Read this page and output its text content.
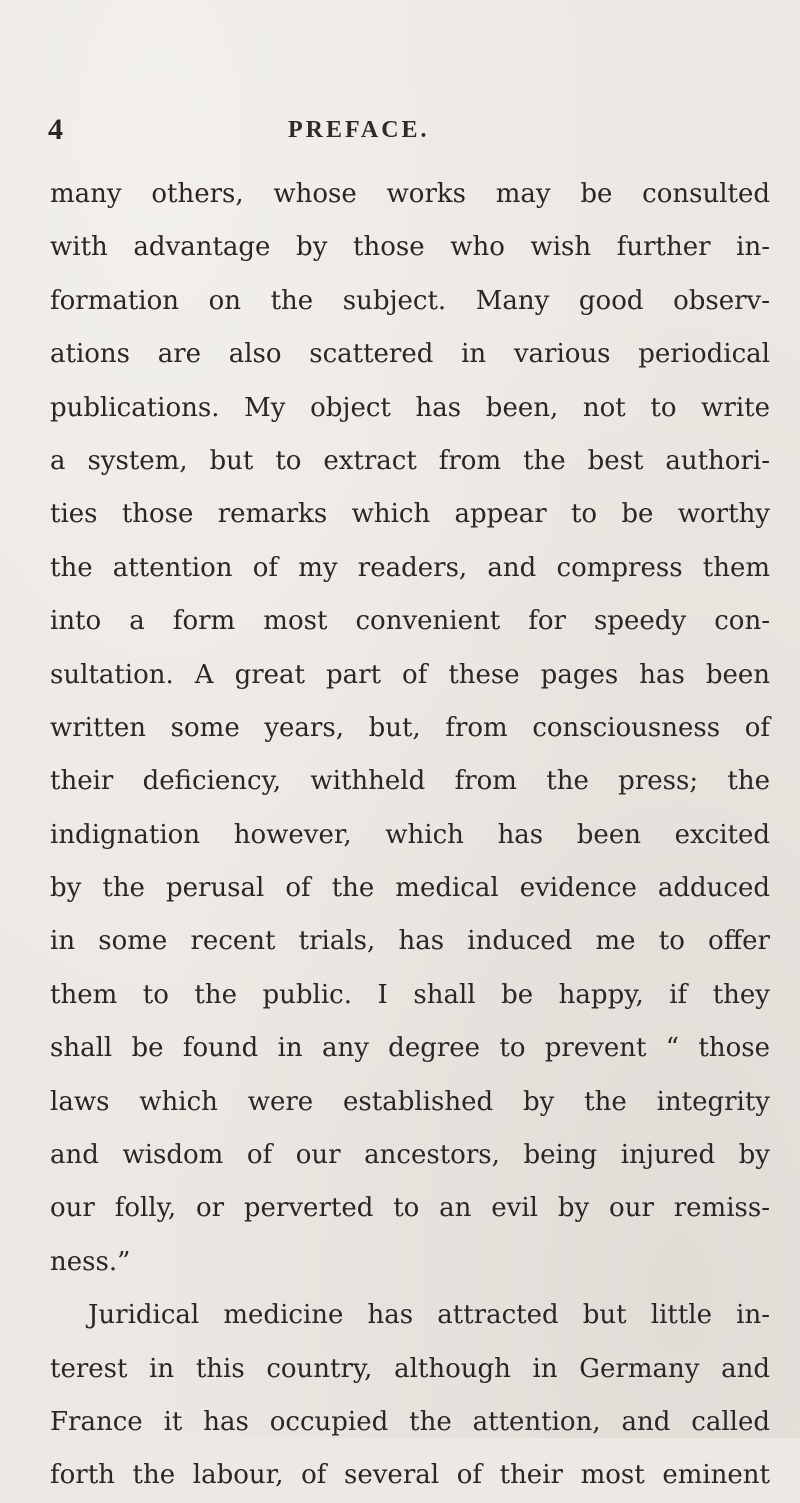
4	PREFACE.
many others, whose works may be consulted
with advantage by those who wish further in-
formation on the subject. Many good observ-
ations are also scattered in various periodical
publications. My object has been, not to write
a system, but to extract from the best authori-
ties those remarks which appear to be worthy
the attention of my readers, and compress them
into a form most convenient for speedy con-
sultation. A great part of these pages has been
written some years, but, from consciousness of
their deficiency, withheld from the press; the
indignation however, which has been excited
by the perusal of the medical evidence adduced
in some recent trials, has induced me to offer
them to the public. I shall be happy, if they
shall be found in any degree to prevent “ those
laws which were established by the integrity
and wisdom of our ancestors, being injured by
our folly, or perverted to an evil by our remiss-
ness.”
Juridical medicine has attracted but little in-
terest in this country, although in Germany and
France it has occupied the attention, and called
forth the labour, of several of their most eminent
